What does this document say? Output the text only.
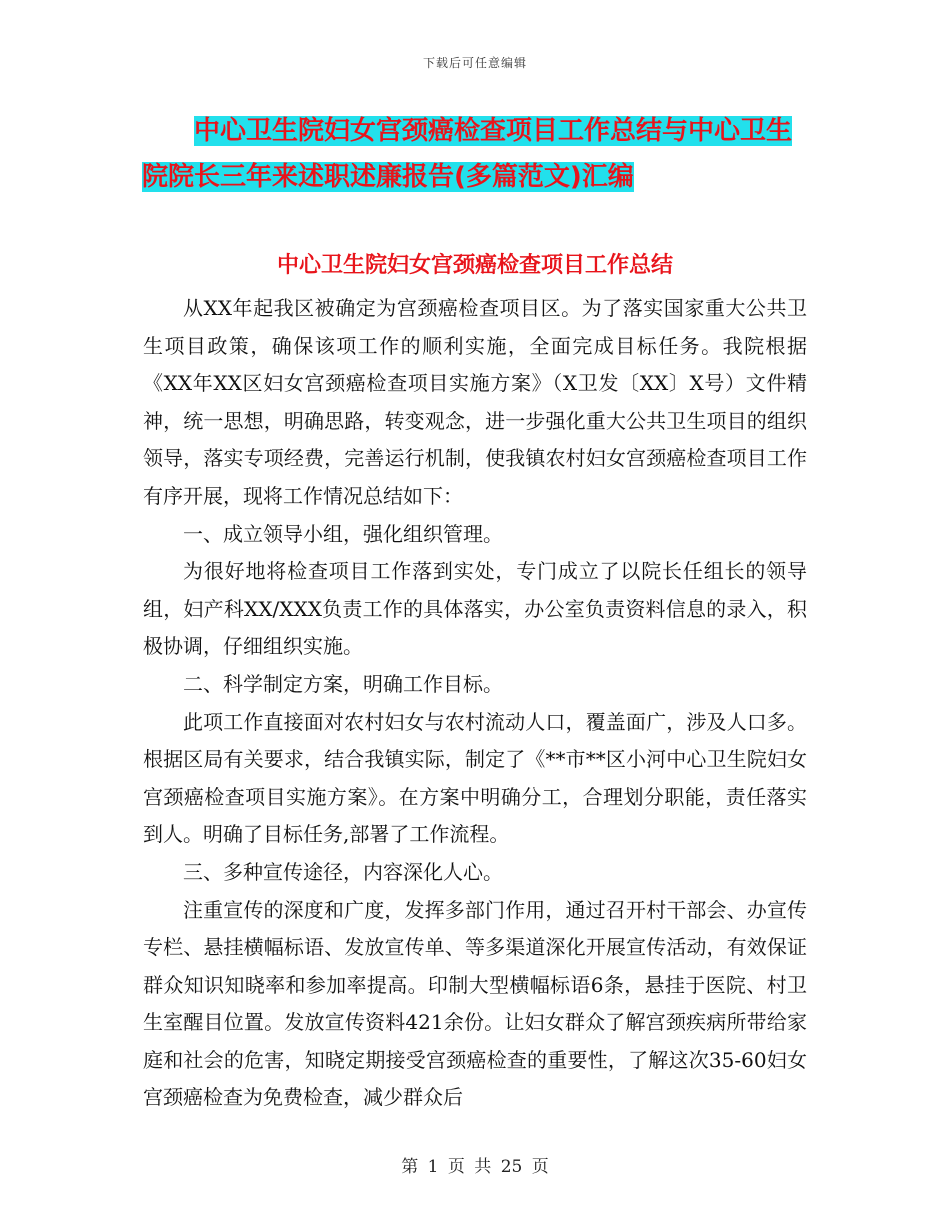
下载后可任意编辑
中心卫生院妇女宫颈癌检查项目工作总结与中心卫生
院院长三年来述职述廉报告(多篇范文)汇编
中心卫生院妇女宫颈癌检查项目工作总结

从XX年起我区被确定为宫颈癌检查项目区。为了落实国家重大公共卫生项目政策，确保该项工作的顺利实施，全面完成目标任务。我院根据《XX年XX区妇女宫颈癌检查项目实施方案》（X卫发〔XX〕X号）文件精神，统一思想，明确思路，转变观念，进一步强化重大公共卫生项目的组织领导，落实专项经费，完善运行机制，使我镇农村妇女宫颈癌检查项目工作有序开展，现将工作情况总结如下：

一、成立领导小组，强化组织管理。

为很好地将检查项目工作落到实处，专门成立了以院长任组长的领导组，妇产科XX/XXX负责工作的具体落实，办公室负责资料信息的录入，积极协调，仔细组织实施。

二、科学制定方案，明确工作目标。

此项工作直接面对农村妇女与农村流动人口，覆盖面广，涉及人口多。根据区局有关要求，结合我镇实际，制定了《**市**区小河中心卫生院妇女宫颈癌检查项目实施方案》。在方案中明确分工，合理划分职能，责任落实到人。明确了目标任务,部署了工作流程。

三、多种宣传途径，内容深化人心。

注重宣传的深度和广度，发挥多部门作用，通过召开村干部会、办宣传专栏、悬挂横幅标语、发放宣传单、等多渠道深化开展宣传活动，有效保证群众知识知晓率和参加率提高。印制大型横幅标语6条，悬挂于医院、村卫生室醒目位置。发放宣传资料421余份。让妇女群众了解宫颈疾病所带给家庭和社会的危害，知晓定期接受宫颈癌检查的重要性，了解这次35-60妇女宫颈癌检查为免费检查，减少群众后

第 1 页 共 25 页
